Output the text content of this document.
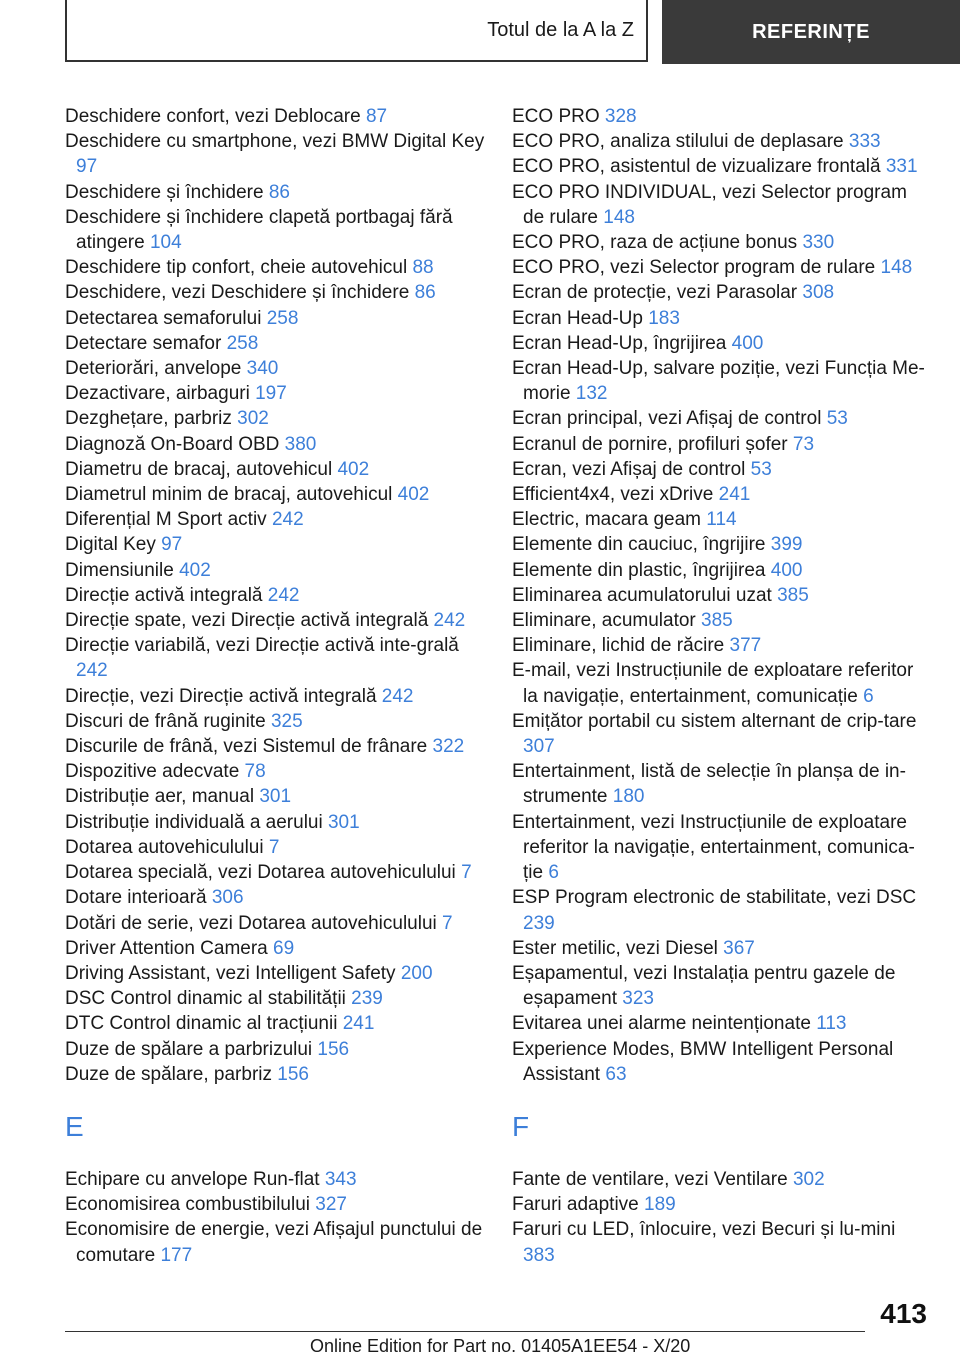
Totul de la A la Z	REFERINȚE
Deschidere confort, vezi Deblocare 87
Deschidere cu smartphone, vezi BMW Digital Key 97
Deschidere și închidere 86
Deschidere și închidere clapetă portbagaj fără atingere 104
Deschidere tip confort, cheie autovehicul 88
Deschidere, vezi Deschidere și închidere 86
Detectarea semaforului 258
Detectare semafor 258
Deteriorări, anvelope 340
Dezactivare, airbaguri 197
Dezghețare, parbriz 302
Diagnoză On-Board OBD 380
Diametru de bracaj, autovehicul 402
Diametrul minim de bracaj, autovehicul 402
Diferențial M Sport activ 242
Digital Key 97
Dimensiunile 402
Direcție activă integrală 242
Direcție spate, vezi Direcție activă integrală 242
Direcție variabilă, vezi Direcție activă inte-grală 242
Direcție, vezi Direcție activă integrală 242
Discuri de frână ruginite 325
Discurile de frână, vezi Sistemul de frânare 322
Dispozitive adecvate 78
Distribuție aer, manual 301
Distribuție individuală a aerului 301
Dotarea autovehiculului 7
Dotarea specială, vezi Dotarea autovehiculului 7
Dotare interioară 306
Dotări de serie, vezi Dotarea autovehiculului 7
Driver Attention Camera 69
Driving Assistant, vezi Intelligent Safety 200
DSC Control dinamic al stabilității 239
DTC Control dinamic al tracțiunii 241
Duze de spălare a parbrizului 156
Duze de spălare, parbriz 156
E
Echipare cu anvelope Run-flat 343
Economisirea combustibilului 327
Economisire de energie, vezi Afișajul punctului de comutare 177
ECO PRO 328
ECO PRO, analiza stilului de deplasare 333
ECO PRO, asistentul de vizualizare frontală 331
ECO PRO INDIVIDUAL, vezi Selector program de rulare 148
ECO PRO, raza de acțiune bonus 330
ECO PRO, vezi Selector program de rulare 148
Ecran de protecție, vezi Parasolar 308
Ecran Head-Up 183
Ecran Head-Up, îngrijirea 400
Ecran Head-Up, salvare poziție, vezi Funcția Me-morie 132
Ecran principal, vezi Afișaj de control 53
Ecranul de pornire, profiluri șofer 73
Ecran, vezi Afișaj de control 53
Efficient4x4, vezi xDrive 241
Electric, macara geam 114
Elemente din cauciuc, îngrijire 399
Elemente din plastic, îngrijirea 400
Eliminarea acumulatorului uzat 385
Eliminare, acumulator 385
Eliminare, lichid de răcire 377
E-mail, vezi Instrucțiunile de exploatare referitor la navigație, entertainment, comunicație 6
Emițător portabil cu sistem alternant de crip-tare 307
Entertainment, listă de selecție în planșa de in-strumente 180
Entertainment, vezi Instrucțiunile de exploatare referitor la navigație, entertainment, comunica-ție 6
ESP Program electronic de stabilitate, vezi DSC 239
Ester metilic, vezi Diesel 367
Eșapamentul, vezi Instalația pentru gazele de eșapament 323
Evitarea unei alarme neintenționate 113
Experience Modes, BMW Intelligent Personal Assistant 63
F
Fante de ventilare, vezi Ventilare 302
Faruri adaptive 189
Faruri cu LED, înlocuire, vezi Becuri și lu-mini 383
413
Online Edition for Part no. 01405A1EE54 - X/20
